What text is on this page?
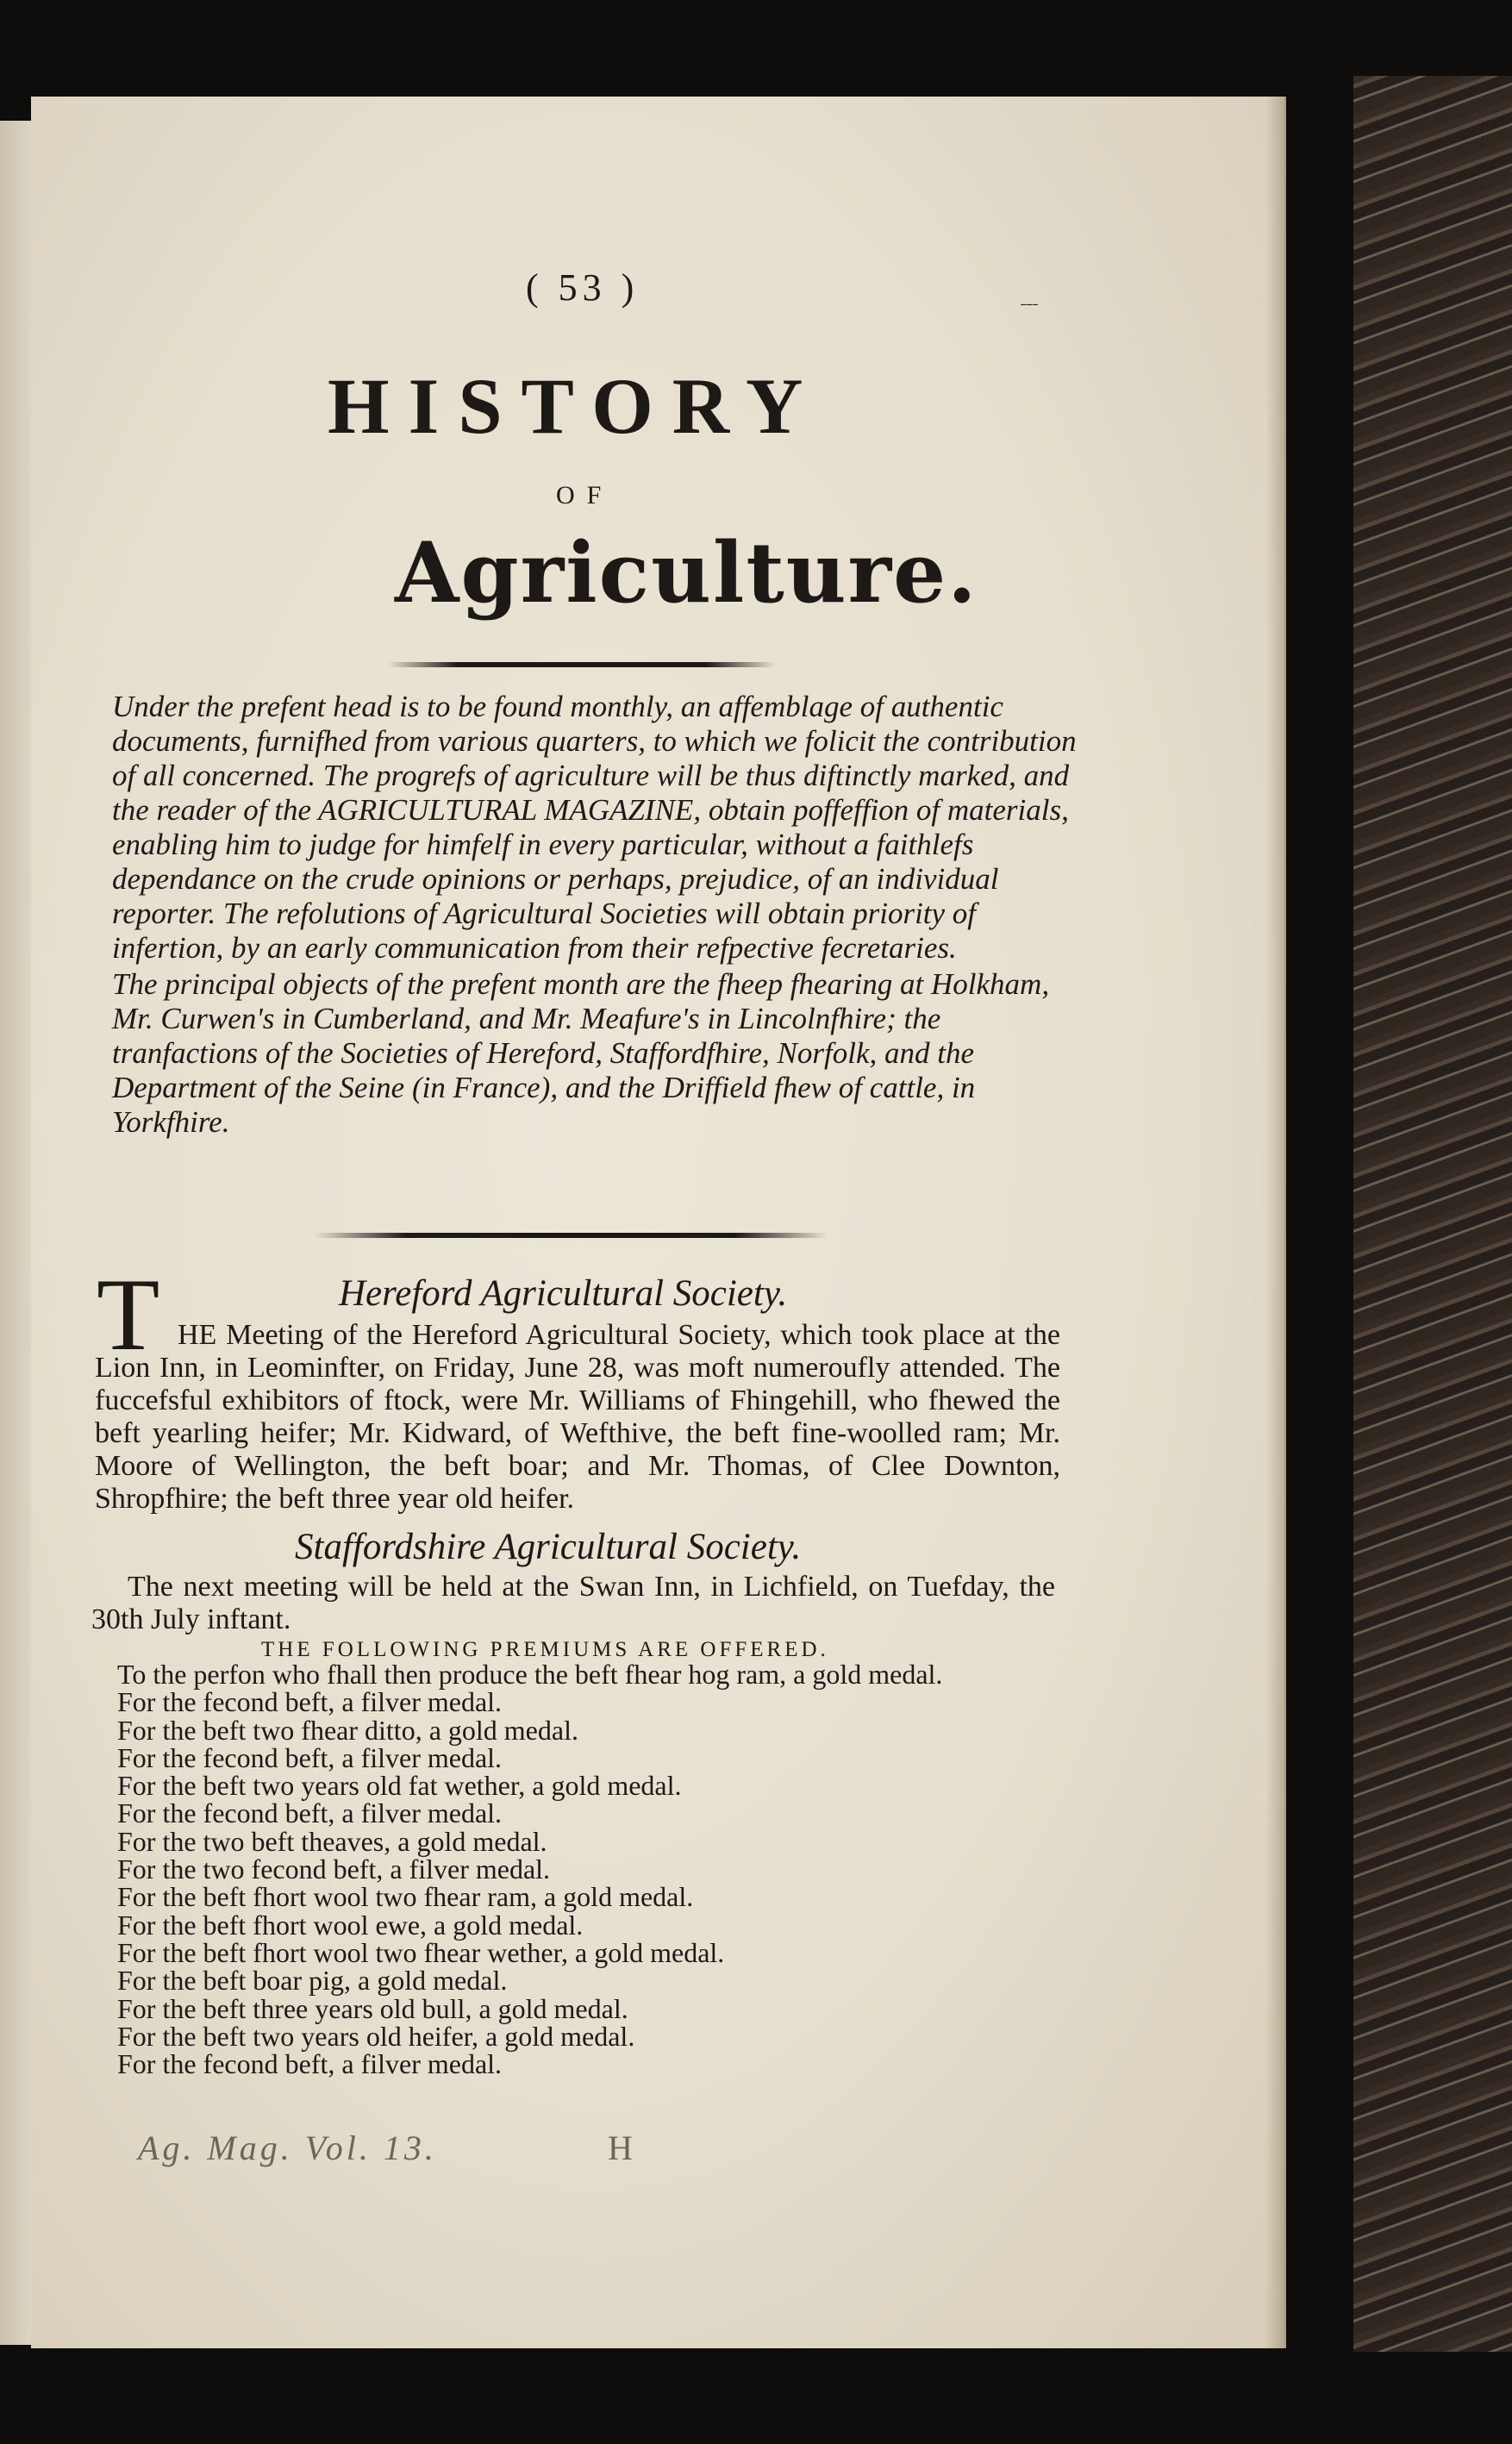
( 53 )
ˉˉˉ
HISTORY
OF
Agriculture.

Under the prefent head is to be found monthly, an affemblage of authentic documents, furnifhed from various quarters, to which we folicit the contribution of all concerned. The progrefs of agriculture will be thus diftinctly marked, and the reader of the AGRICULTURAL MAGAZINE, obtain poffeffion of materials, enabling him to judge for himfelf in every particular, without a faithlefs dependance on the crude opinions or perhaps, prejudice, of an individual reporter. The refolutions of Agricultural Societies will obtain priority of infertion, by an early communication from their refpective fecretaries.

The principal objects of the prefent month are the fheep fhearing at Holkham, Mr. Curwen's in Cumberland, and Mr. Meafure's in Lincolnfhire; the tranfactions of the Societies of Hereford, Staffordfhire, Norfolk, and the Department of the Seine (in France), and the Driffield fhew of cattle, in Yorkfhire.

Hereford Agricultural Society.
T HE Meeting of the Hereford Agricultural Society, which took place at the Lion Inn, in Leominfter, on Friday, June 28, was moft numeroufly attended. The fuccefsful exhibitors of ftock, were Mr. Williams of Fhingehill, who fhewed the beft yearling heifer; Mr. Kidward, of Wefthive, the beft fine-woolled ram; Mr. Moore of Wellington, the beft boar; and Mr. Thomas, of Clee Downton, Shropfhire; the beft three year old heifer.
Staffordshire Agricultural Society.
The next meeting will be held at the Swan Inn, in Lichfield, on Tuefday, the 30th July inftant.
THE FOLLOWING PREMIUMS ARE OFFERED.
To the perfon who fhall then produce the beft fhear hog ram, a gold medal.
For the fecond beft, a filver medal.
For the beft two fhear ditto, a gold medal.
For the fecond beft, a filver medal.
For the beft two years old fat wether, a gold medal.
For the fecond beft, a filver medal.
For the two beft theaves, a gold medal.
For the two fecond beft, a filver medal.
For the beft fhort wool two fhear ram, a gold medal.
For the beft fhort wool ewe, a gold medal.
For the beft fhort wool two fhear wether, a gold medal.
For the beft boar pig, a gold medal.
For the beft three years old bull, a gold medal.
For the beft two years old heifer, a gold medal.
For the fecond beft, a filver medal.
Ag. Mag. Vol. 13.	H
